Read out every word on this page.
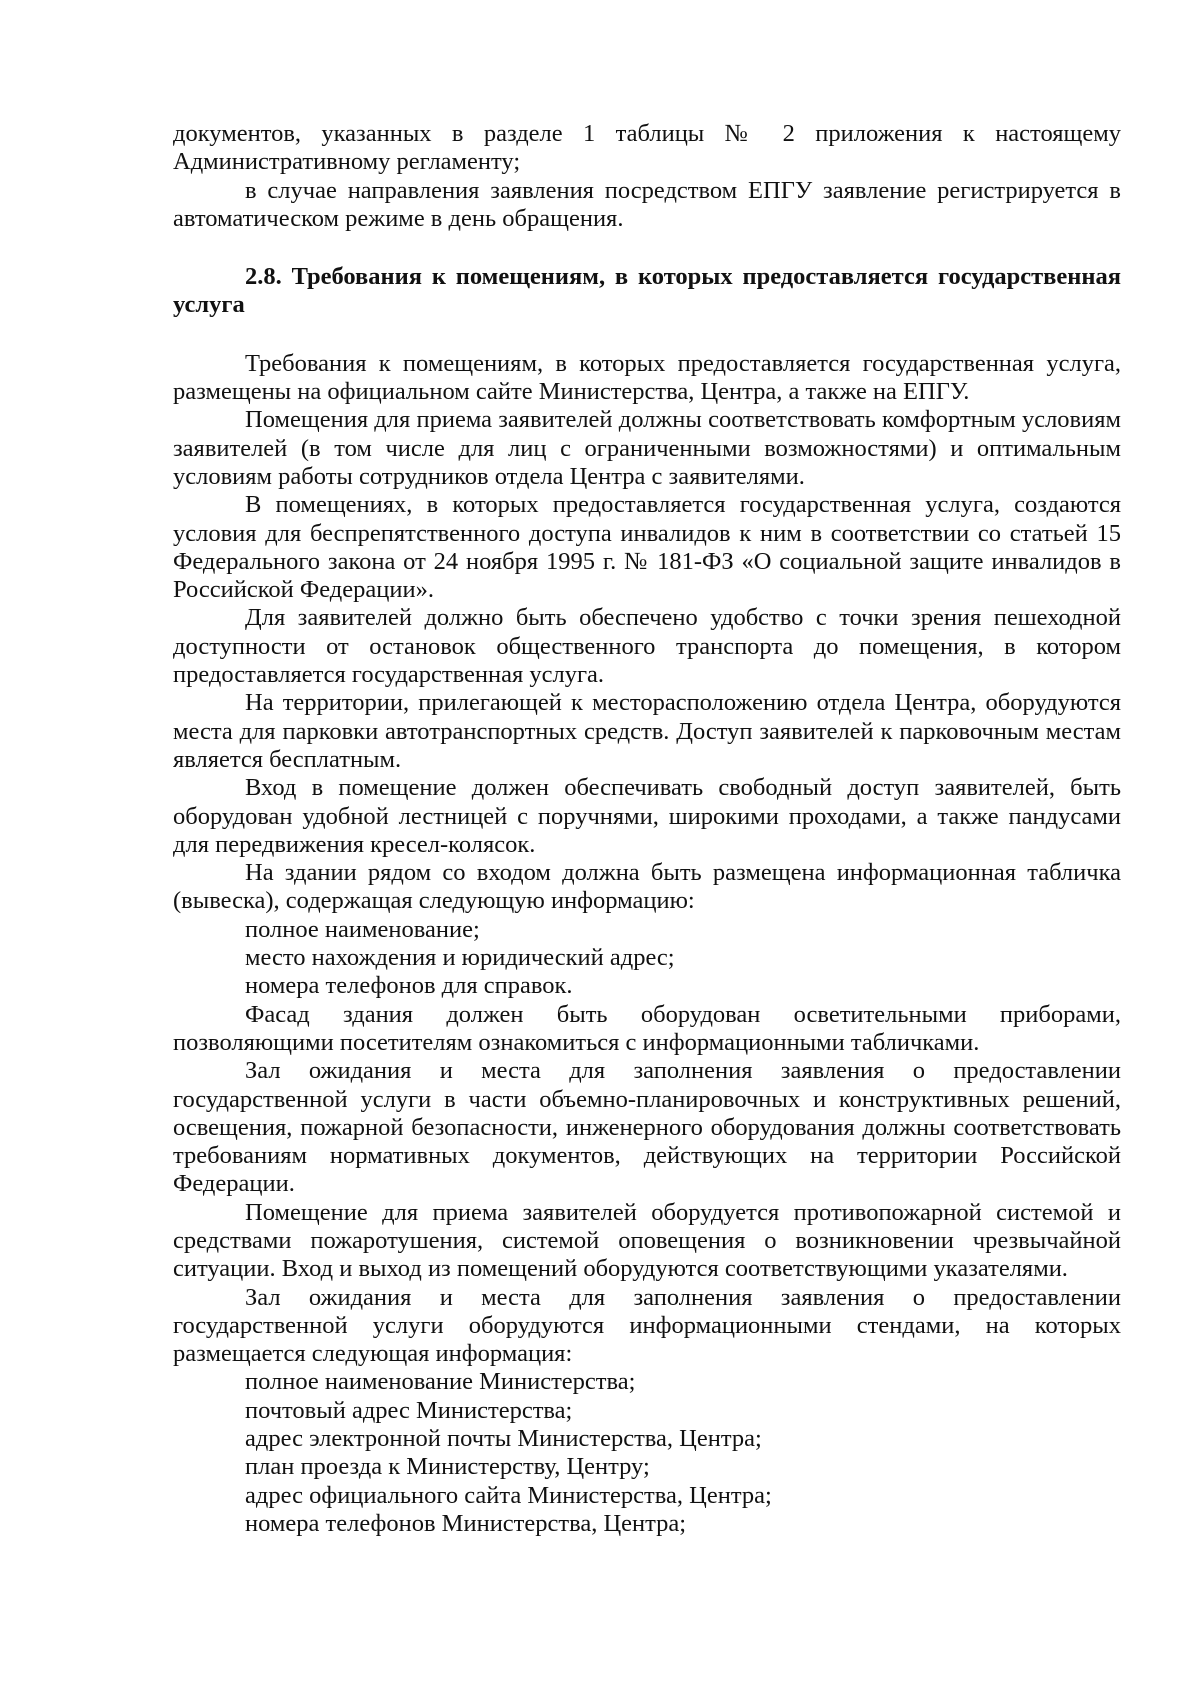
документов, указанных в разделе 1 таблицы № 2 приложения к настоящему Административному регламенту;

в случае направления заявления посредством ЕПГУ заявление регистрируется в автоматическом режиме в день обращения.

2.8. Требования к помещениям, в которых предоставляется государственная услуга

Требования к помещениям, в которых предоставляется государственная услуга, размещены на официальном сайте Министерства, Центра, а также на ЕПГУ.

Помещения для приема заявителей должны соответствовать комфортным условиям заявителей (в том числе для лиц с ограниченными возможностями) и оптимальным условиям работы сотрудников отдела Центра с заявителями.

В помещениях, в которых предоставляется государственная услуга, создаются условия для беспрепятственного доступа инвалидов к ним в соответствии со статьей 15 Федерального закона от 24 ноября 1995 г. № 181-ФЗ «О социальной защите инвалидов в Российской Федерации».

Для заявителей должно быть обеспечено удобство с точки зрения пешеходной доступности от остановок общественного транспорта до помещения, в котором предоставляется государственная услуга.

На территории, прилегающей к месторасположению отдела Центра, оборудуются места для парковки автотранспортных средств. Доступ заявителей к парковочным местам является бесплатным.

Вход в помещение должен обеспечивать свободный доступ заявителей, быть оборудован удобной лестницей с поручнями, широкими проходами, а также пандусами для передвижения кресел-колясок.

На здании рядом со входом должна быть размещена информационная табличка (вывеска), содержащая следующую информацию:

полное наименование;

место нахождения и юридический адрес;

номера телефонов для справок.

Фасад здания должен быть оборудован осветительными приборами, позволяющими посетителям ознакомиться с информационными табличками.

Зал ожидания и места для заполнения заявления о предоставлении государственной услуги в части объемно-планировочных и конструктивных решений, освещения, пожарной безопасности, инженерного оборудования должны соответствовать требованиям нормативных документов, действующих на территории Российской Федерации.

Помещение для приема заявителей оборудуется противопожарной системой и средствами пожаротушения, системой оповещения о возникновении чрезвычайной ситуации. Вход и выход из помещений оборудуются соответствующими указателями.

Зал ожидания и места для заполнения заявления о предоставлении государственной услуги оборудуются информационными стендами, на которых размещается следующая информация:

полное наименование Министерства;

почтовый адрес Министерства;

адрес электронной почты Министерства, Центра;

план проезда к Министерству, Центру;

адрес официального сайта Министерства, Центра;

номера телефонов Министерства, Центра;
